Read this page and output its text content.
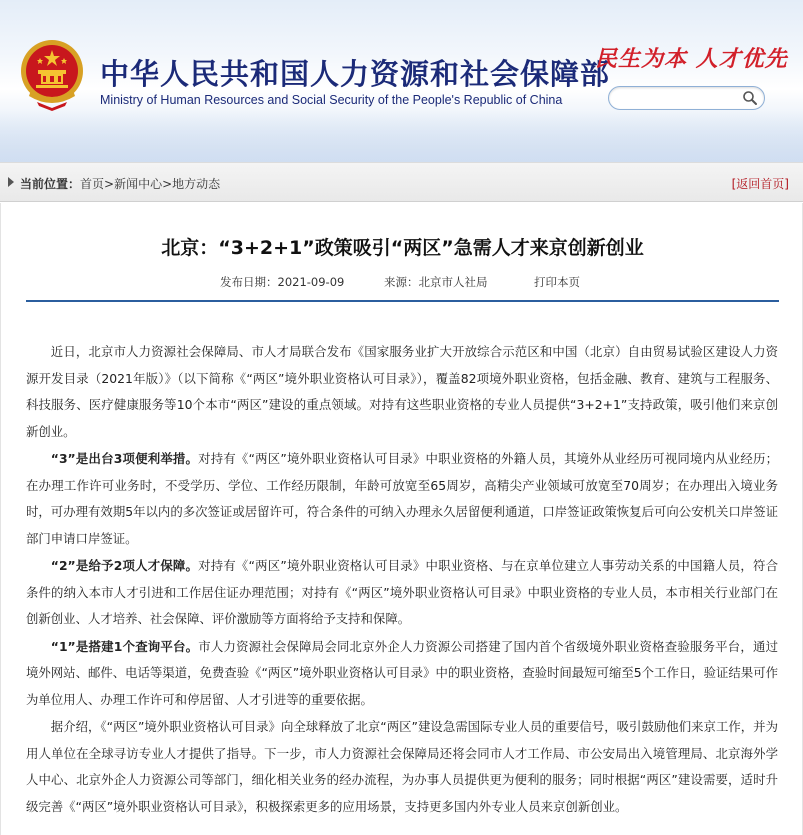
中华人民共和国人力资源和社会保障部
Ministry of Human Resources and Social Security of the People's Republic of China
民生为本 人才优先
当前位置： 首页>新闻中心>地方动态	[返回首页]
北京：“3+2+1”政策吸引“两区”急需人才来京创新创业
发布日期：2021-09-09	来源：北京市人社局	打印本页

近日，北京市人力资源社会保障局、市人才局联合发布《国家服务业扩大开放综合示范区和中国（北京）自由贸易试验区建设人力资源开发目录（2021年版）》（以下简称《“两区”境外职业资格认可目录》），覆盖82项境外职业资格，包括金融、教育、建筑与工程服务、科技服务、医疗健康服务等10个本市“两区”建设的重点领域。对持有这些职业资格的专业人员提供“3+2+1”支持政策，吸引他们来京创新创业。

“3”是出台3项便利举措。对持有《“两区”境外职业资格认可目录》中职业资格的外籍人员，其境外从业经历可视同境内从业经历；在办理工作许可业务时，不受学历、学位、工作经历限制，年龄可放宽至65周岁，高精尖产业领域可放宽至70周岁；在办理出入境业务时，可办理有效期5年以内的多次签证或居留许可，符合条件的可纳入办理永久居留便利通道，口岸签证政策恢复后可向公安机关口岸签证部门申请口岸签证。

“2”是给予2项人才保障。对持有《“两区”境外职业资格认可目录》中职业资格、与在京单位建立人事劳动关系的中国籍人员，符合条件的纳入本市人才引进和工作居住证办理范围；对持有《“两区”境外职业资格认可目录》中职业资格的专业人员，本市相关行业部门在创新创业、人才培养、社会保障、评价激励等方面将给予支持和保障。

“1”是搭建1个查询平台。市人力资源社会保障局会同北京外企人力资源公司搭建了国内首个省级境外职业资格查验服务平台，通过境外网站、邮件、电话等渠道，免费查验《“两区”境外职业资格认可目录》中的职业资格，查验时间最短可缩至5个工作日，验证结果可作为单位用人、办理工作许可和停居留、人才引进等的重要依据。

据介绍，《“两区”境外职业资格认可目录》向全球释放了北京“两区”建设急需国际专业人员的重要信号，吸引鼓励他们来京工作，并为用人单位在全球寻访专业人才提供了指导。下一步，市人力资源社会保障局还将会同市人才工作局、市公安局出入境管理局、北京海外学人中心、北京外企人力资源公司等部门，细化相关业务的经办流程，为办事人员提供更为便利的服务；同时根据“两区”建设需要，适时升级完善《“两区”境外职业资格认可目录》，积极探索更多的应用场景，支持更多国内外专业人员来京创新创业。
